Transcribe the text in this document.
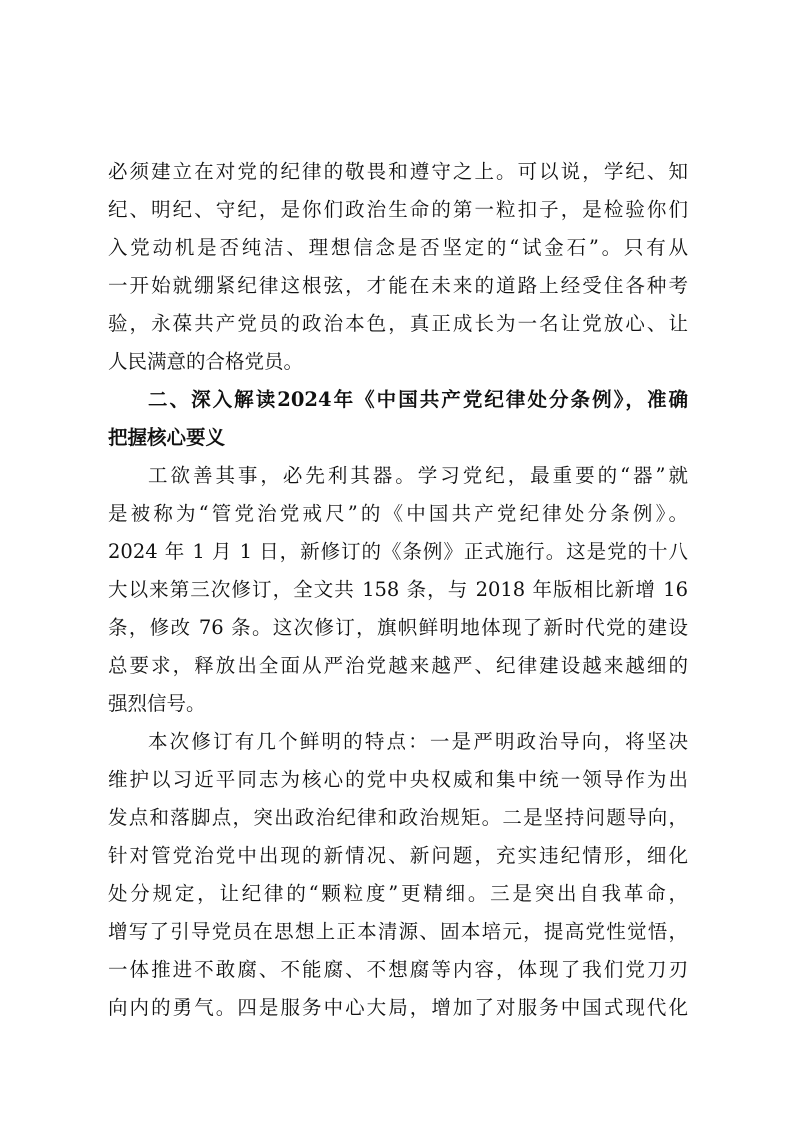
必须建立在对党的纪律的敬畏和遵守之上。可以说，学纪、知
纪、明纪、守纪，是你们政治生命的第一粒扣子，是检验你们
入党动机是否纯洁、理想信念是否坚定的“试金石”。只有从
一开始就绷紧纪律这根弦，才能在未来的道路上经受住各种考
验，永葆共产党员的政治本色，真正成长为一名让党放心、让
人民满意的合格党员。
二、深入解读2024年《中国共产党纪律处分条例》，准确
把握核心要义
工欲善其事，必先利其器。学习党纪，最重要的“器”就
是被称为“管党治党戒尺”的《中国共产党纪律处分条例》。
2024 年 1 月 1 日，新修订的《条例》正式施行。这是党的十八
大以来第三次修订，全文共 158 条，与 2018 年版相比新增 16
条，修改 76 条。这次修订，旗帜鲜明地体现了新时代党的建设
总要求，释放出全面从严治党越来越严、纪律建设越来越细的
强烈信号。
本次修订有几个鲜明的特点：一是严明政治导向，将坚决
维护以习近平同志为核心的党中央权威和集中统一领导作为出
发点和落脚点，突出政治纪律和政治规矩。二是坚持问题导向，
针对管党治党中出现的新情况、新问题，充实违纪情形，细化
处分规定，让纪律的“颗粒度”更精细。三是突出自我革命，
增写了引导党员在思想上正本清源、固本培元，提高党性觉悟，
一体推进不敢腐、不能腐、不想腐等内容，体现了我们党刀刃
向内的勇气。四是服务中心大局，增加了对服务中国式现代化
